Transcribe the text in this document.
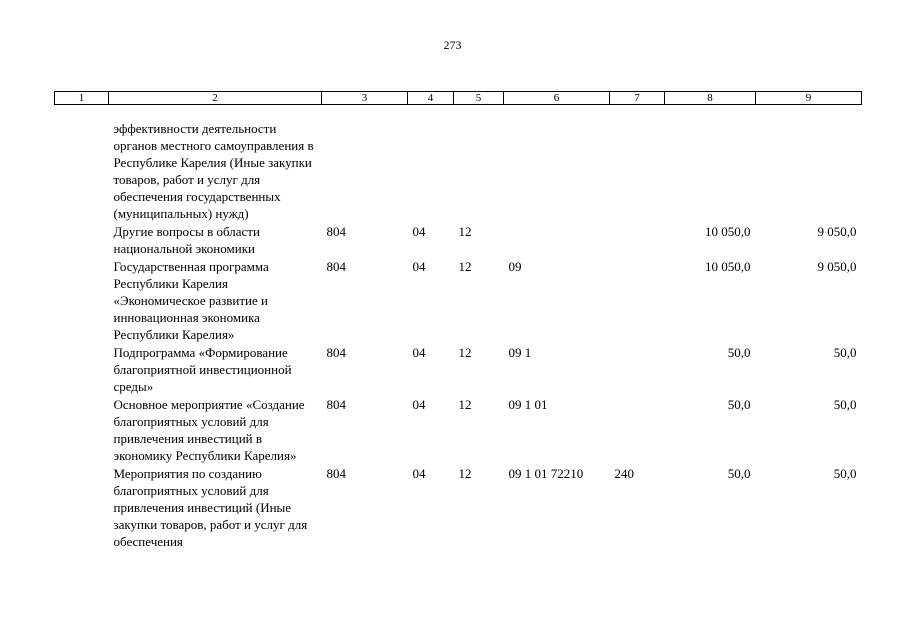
273
1	2	3	4	5	6	7	8	9
	эффективности деятельности органов местного самоуправления в Республике Карелия (Иные закупки товаров, работ и услуг для обеспечения государственных (муниципальных) нужд)							
	Другие вопросы в области национальной экономики	804	04	12			10 050,0	9 050,0
	Государственная программа Республики Карелия «Экономическое развитие и инновационная экономика Республики Карелия»	804	04	12	09		10 050,0	9 050,0
	Подпрограмма «Формирование благоприятной инвестиционной среды»	804	04	12	09 1		50,0	50,0
	Основное мероприятие «Создание благоприятных условий для привлечения инвестиций в экономику Республики Карелия»	804	04	12	09 1 01		50,0	50,0
	Мероприятия по созданию благоприятных условий для привлечения инвестиций (Иные закупки товаров, работ и услуг для обеспечения	804	04	12	09 1 01 72210	240	50,0	50,0
